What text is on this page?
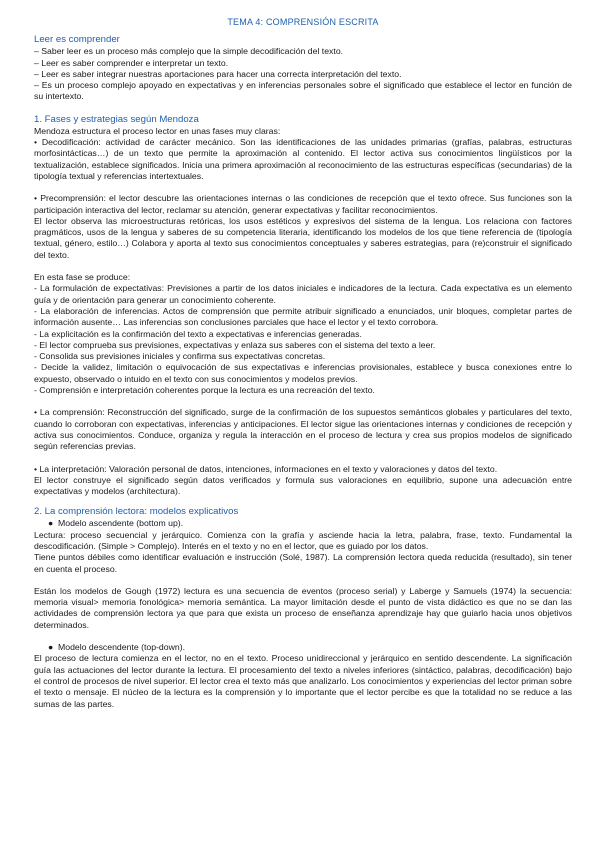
TEMA 4: COMPRENSIÓN ESCRITA

Leer es comprender

– Saber leer es un proceso más complejo que la simple decodificación del texto.

– Leer es saber comprender e interpretar un texto.

– Leer es saber integrar nuestras aportaciones para hacer una correcta interpretación del texto.

– Es un proceso complejo apoyado en expectativas y en inferencias personales sobre el significado que establece el lector en función de su intertexto.

1. Fases y estrategias según Mendoza

Mendoza estructura el proceso lector en unas fases muy claras:

• Decodificación: actividad de carácter mecánico. Son las identificaciones de las unidades primarias (grafías, palabras, estructuras morfosintácticas…) de un texto que permite la aproximación al contenido. El lector activa sus conocimientos lingüísticos por la textualización, establece significados. Inicia una primera aproximación al reconocimiento de las estructuras específicas (secundarias) de la tipología textual y referencias intertextuales.

• Precomprensión: el lector descubre las orientaciones internas o las condiciones de recepción que el texto ofrece. Sus funciones son la participación interactiva del lector, reclamar su atención, generar expectativas y facilitar reconocimientos.

El lector observa las microestructuras retóricas, los usos estéticos y expresivos del sistema de la lengua. Los relaciona con factores pragmáticos, usos de la lengua y saberes de su competencia literaria, identificando los modelos de los que tiene referencia de (tipología textual, género, estilo…) Colabora y aporta al texto sus conocimientos conceptuales y saberes estrategias, para (re)construir el significado del texto.

En esta fase se produce:

- La formulación de expectativas: Previsiones a partir de los datos iniciales e indicadores de la lectura. Cada expectativa es un elemento guía y de orientación para generar un conocimiento coherente.

- La elaboración de inferencias. Actos de comprensión que permite atribuir significado a enunciados, unir bloques, completar partes de información ausente… Las inferencias son conclusiones parciales que hace el lector y el texto corrobora.

- La explicitación es la confirmación del texto a expectativas e inferencias generadas.

- El lector comprueba sus previsiones, expectativas y enlaza sus saberes con el sistema del texto a leer.

- Consolida sus previsiones iniciales y confirma sus expectativas concretas.

- Decide la validez, limitación o equivocación de sus expectativas e inferencias provisionales, establece y busca conexiones entre lo expuesto, observado o intuido en el texto con sus conocimientos y modelos previos.

- Comprensión e interpretación coherentes porque la lectura es una recreación del texto.

• La comprensión: Reconstrucción del significado, surge de la confirmación de los supuestos semánticos globales y particulares del texto, cuando lo corroboran con expectativas, inferencias y anticipaciones. El lector sigue las orientaciones internas y condiciones de recepción y activa sus conocimientos. Conduce, organiza y regula la interacción en el proceso de lectura y crea sus propios modelos de significado según referencias previas.

• La interpretación: Valoración personal de datos, intenciones, informaciones en el texto y valoraciones y datos del texto.

El lector construye el significado según datos verificados y formula sus valoraciones en equilibrio, supone una adecuación entre expectativas y modelos (architectura).

2. La comprensión lectora: modelos explicativos

● Modelo ascendente (bottom up).

Lectura: proceso secuencial y jerárquico. Comienza con la grafía y asciende hacia la letra, palabra, frase, texto. Fundamental la descodificación. (Simple > Complejo). Interés en el texto y no en el lector, que es guiado por los datos.

Tiene puntos débiles como identificar evaluación e instrucción (Solé, 1987). La comprensión lectora queda reducida (resultado), sin tener en cuenta el proceso.

Están los modelos de Gough (1972) lectura es una secuencia de eventos (proceso serial) y Laberge y Samuels (1974) la secuencia: memoria visual> memoria fonológica> memoria semántica. La mayor limitación desde el punto de vista didáctico es que no se dan las actividades de comprensión lectora ya que para que exista un proceso de enseñanza aprendizaje hay que guiarlo hacia unos objetivos determinados.

● Modelo descendente (top-down).

El proceso de lectura comienza en el lector, no en el texto. Proceso unidireccional y jerárquico en sentido descendente. La significación guía las actuaciones del lector durante la lectura. El procesamiento del texto a niveles inferiores (sintáctico, palabras, decodificación) bajo el control de procesos de nivel superior. El lector crea el texto más que analizarlo. Los conocimientos y experiencias del lector priman sobre el texto o mensaje. El núcleo de la lectura es la comprensión y lo importante que el lector percibe es que la totalidad no se reduce a las sumas de las partes.
